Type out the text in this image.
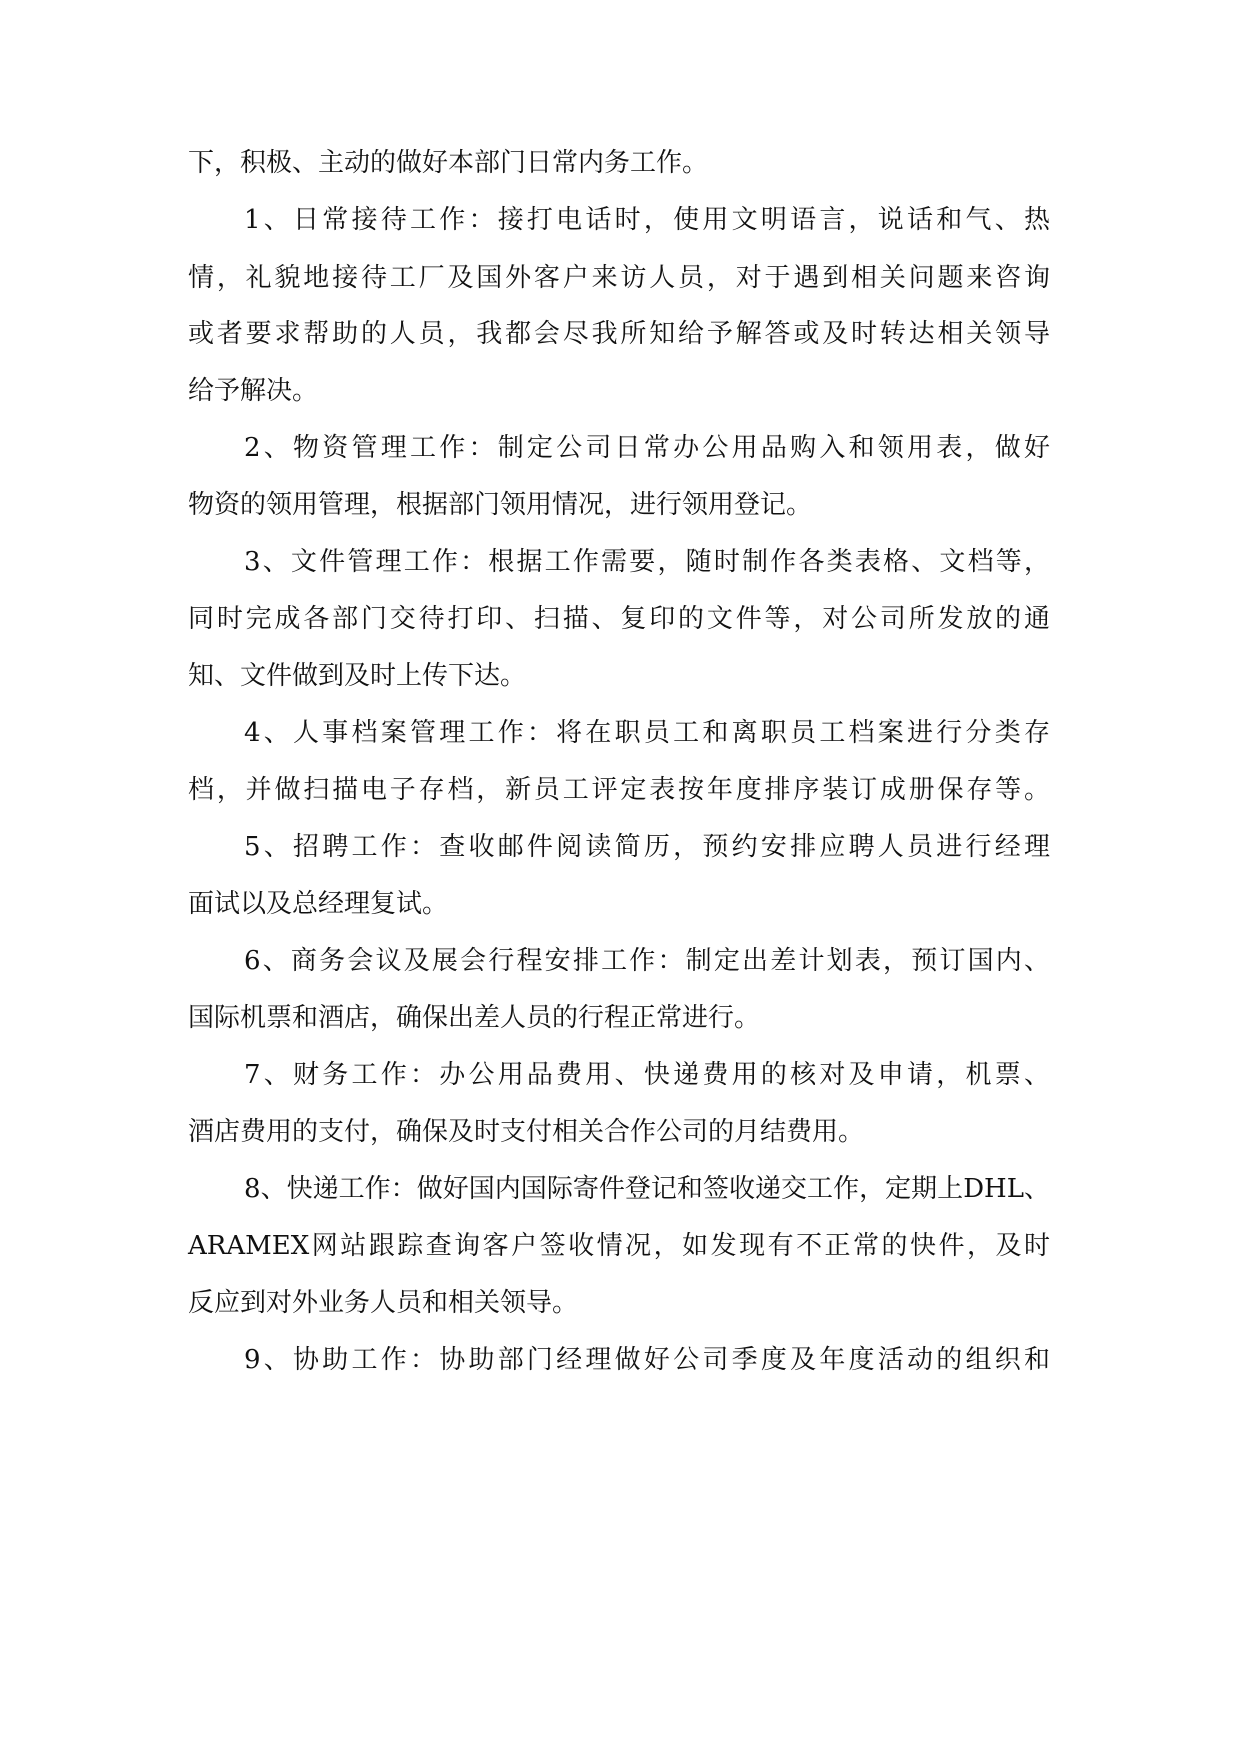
下，积极、主动的做好本部门日常内务工作。
1、日常接待工作：接打电话时，使用文明语言，说话和气、热
情，礼貌地接待工厂及国外客户来访人员，对于遇到相关问题来咨询
或者要求帮助的人员，我都会尽我所知给予解答或及时转达相关领导
给予解决。
2、物资管理工作：制定公司日常办公用品购入和领用表，做好
物资的领用管理，根据部门领用情况，进行领用登记。
3、文件管理工作：根据工作需要，随时制作各类表格、文档等，
同时完成各部门交待打印、扫描、复印的文件等，对公司所发放的通
知、文件做到及时上传下达。
4、人事档案管理工作：将在职员工和离职员工档案进行分类存
档，并做扫描电子存档，新员工评定表按年度排序装订成册保存等。
5、招聘工作：查收邮件阅读简历，预约安排应聘人员进行经理
面试以及总经理复试。
6、商务会议及展会行程安排工作：制定出差计划表，预订国内、
国际机票和酒店，确保出差人员的行程正常进行。
7、财务工作：办公用品费用、快递费用的核对及申请，机票、
酒店费用的支付，确保及时支付相关合作公司的月结费用。
8、快递工作：做好国内国际寄件登记和签收递交工作，定期上DHL、
ARAMEX网站跟踪查询客户签收情况，如发现有不正常的快件，及时
反应到对外业务人员和相关领导。
9、协助工作：协助部门经理做好公司季度及年度活动的组织和
